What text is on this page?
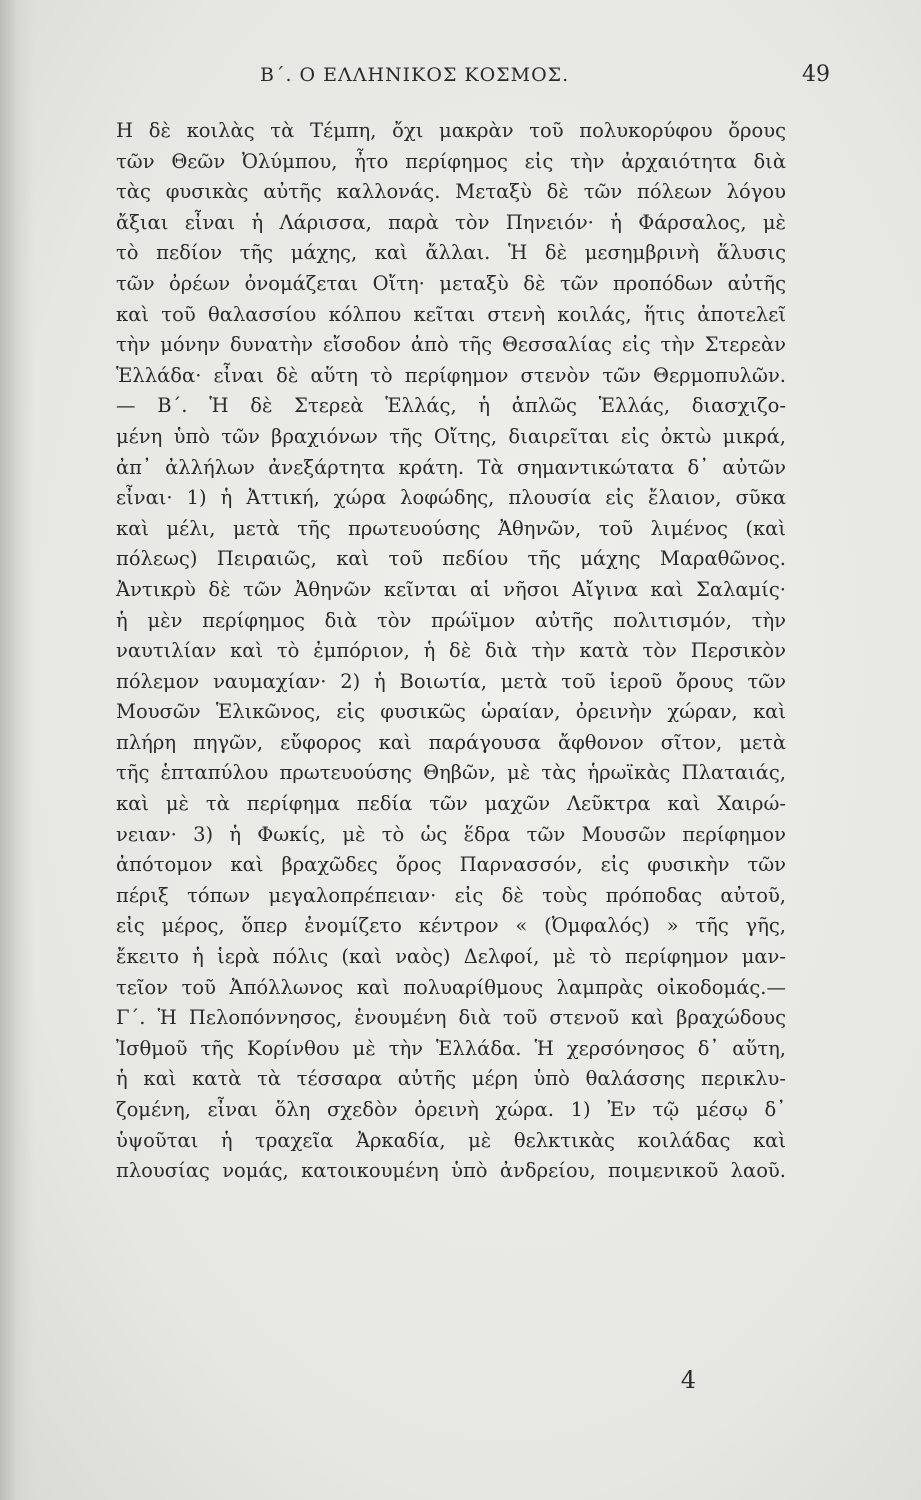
Β΄. Ο ΕΛΛΗΝΙΚΟΣ ΚΟΣΜΟΣ.	49
Η δὲ κοιλὰς τὰ Τέμπη, ὄχι μακρὰν τοῦ πολυκορύφου ὄρους
τῶν Θεῶν Ὀλύμπου, ἦτο περίφημος εἰς τὴν ἀρχαιότητα διὰ
τὰς φυσικὰς αὐτῆς καλλονάς. Μεταξὺ δὲ τῶν πόλεων λόγου
ἄξιαι εἶναι ἡ Λάρισσα, παρὰ τὸν Πηνειόν· ἡ Φάρσαλος, μὲ
τὸ πεδίον τῆς μάχης, καὶ ἄλλαι. Ἡ δὲ μεσημβρινὴ ἅλυσις
τῶν ὀρέων ὀνομάζεται Οἴτη· μεταξὺ δὲ τῶν προπόδων αὐτῆς
καὶ τοῦ θαλασσίου κόλπου κεῖται στενὴ κοιλάς, ἥτις ἀποτελεῖ
τὴν μόνην δυνατὴν εἴσοδον ἀπὸ τῆς Θεσσαλίας εἰς τὴν Στερεὰν
Ἑλλάδα· εἶναι δὲ αὕτη τὸ περίφημον στενὸν τῶν Θερμοπυλῶν.
— Β΄. Ἡ δὲ Στερεὰ Ἑλλάς, ἡ ἁπλῶς Ἑλλάς, διασχιζο-
μένη ὑπὸ τῶν βραχιόνων τῆς Οἴτης, διαιρεῖται εἰς ὀκτὼ μικρά,
ἀπ᾿ ἀλλήλων ἀνεξάρτητα κράτη. Τὰ σημαντικώτατα δ᾿ αὐτῶν
εἶναι· 1) ἡ Ἀττική, χώρα λοφώδης, πλουσία εἰς ἔλαιον, σῦκα
καὶ μέλι, μετὰ τῆς πρωτευούσης Ἀθηνῶν, τοῦ λιμένος (καὶ
πόλεως) Πειραιῶς, καὶ τοῦ πεδίου τῆς μάχης Μαραθῶνος.
Ἀντικρὺ δὲ τῶν Ἀθηνῶν κεῖνται αἱ νῆσοι Αἴγινα καὶ Σαλαμίς·
ἡ μὲν περίφημος διὰ τὸν πρώϊμον αὐτῆς πολιτισμόν, τὴν
ναυτιλίαν καὶ τὸ ἐμπόριον, ἡ δὲ διὰ τὴν κατὰ τὸν Περσικὸν
πόλεμον ναυμαχίαν· 2) ἡ Βοιωτία, μετὰ τοῦ ἱεροῦ ὄρους τῶν
Μουσῶν Ἑλικῶνος, εἰς φυσικῶς ὡραίαν, ὀρεινὴν χώραν, καὶ
πλήρη πηγῶν, εὔφορος καὶ παράγουσα ἄφθονον σῖτον, μετὰ
τῆς ἑπταπύλου πρωτευούσης Θηβῶν, μὲ τὰς ἡρωϊκὰς Πλαταιάς,
καὶ μὲ τὰ περίφημα πεδία τῶν μαχῶν Λεῦκτρα καὶ Χαιρώ-
νειαν· 3) ἡ Φωκίς, μὲ τὸ ὡς ἕδρα τῶν Μουσῶν περίφημον
ἀπότομον καὶ βραχῶδες ὄρος Παρνασσόν, εἰς φυσικὴν τῶν
πέριξ τόπων μεγαλοπρέπειαν· εἰς δὲ τοὺς πρόποδας αὐτοῦ,
εἰς μέρος, ὅπερ ἐνομίζετο κέντρον « (Ὀμφαλός) » τῆς γῆς,
ἔκειτο ἡ ἱερὰ πόλις (καὶ ναὸς) Δελφοί, μὲ τὸ περίφημον μαν-
τεῖον τοῦ Ἀπόλλωνος καὶ πολυαρίθμους λαμπρὰς οἰκοδομάς.—
Γ΄. Ἡ Πελοπόννησος, ἑνουμένη διὰ τοῦ στενοῦ καὶ βραχώδους
Ἰσθμοῦ τῆς Κορίνθου μὲ τὴν Ἑλλάδα. Ἡ χερσόνησος δ᾿ αὕτη,
ἡ καὶ κατὰ τὰ τέσσαρα αὐτῆς μέρη ὑπὸ θαλάσσης περικλυ-
ζομένη, εἶναι ὅλη σχεδὸν ὀρεινὴ χώρα. 1) Ἐν τῷ μέσῳ δ᾿
ὑψοῦται ἡ τραχεῖα Ἀρκαδία, μὲ θελκτικὰς κοιλάδας καὶ
πλουσίας νομάς, κατοικουμένη ὑπὸ ἀνδρείου, ποιμενικοῦ λαοῦ.
4
